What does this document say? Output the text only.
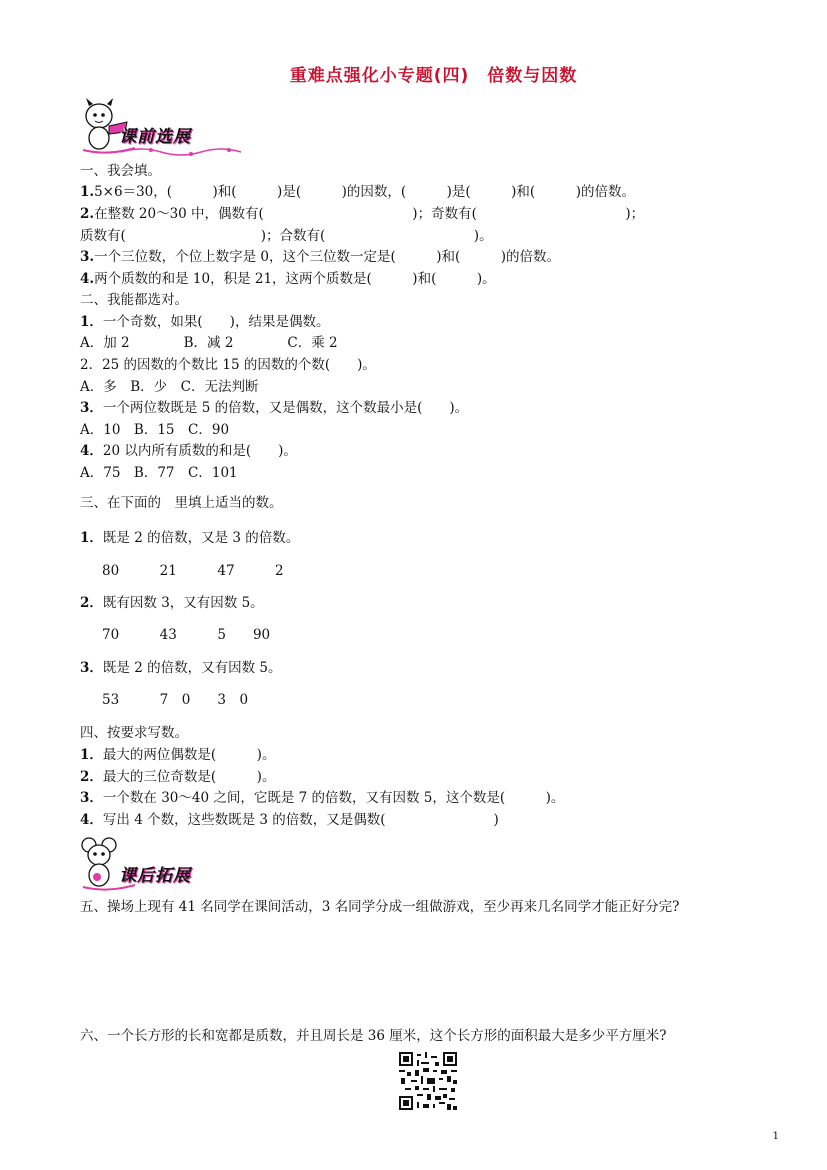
重难点强化小专题(四)　倍数与因数
课前选展
一、我会填。
1.5×6＝30，(　　　)和(　　　)是(　　　)的因数，(　　　)是(　　　)和(　　　)的倍数。
2.在整数 20～30 中，偶数有(　　　　　　　　　　　)；奇数有(　　　　　　　　　　　)；
质数有(　　　　　　　　　　)；合数有(　　　　　　　　　　　)。
3.一个三位数，个位上数字是 0，这个三位数一定是(　　　)和(　　　)的倍数。
4.两个质数的和是 10，积是 21，这两个质数是(　　　)和(　　　)。
二、我能都选对。
1．一个奇数，如果(　　)，结果是偶数。
A．加 2　　　　B．减 2　　　　C．乘 2
2．25 的因数的个数比 15 的因数的个数(　　)。
A．多　B．少　C．无法判断
3．一个两位数既是 5 的倍数，又是偶数，这个数最小是(　　)。
A．10　B．15　C．90
4．20 以内所有质数的和是(　　)。
A．75　B．77　C．101
三、在下面的　里填上适当的数。
1．既是 2 的倍数，又是 3 的倍数。
80　　　21　　　47　　　2
2．既有因数 3，又有因数 5。
70　　　43　　　5　　90
3．既是 2 的倍数，又有因数 5。
53　　　7　0　　3　0
四、按要求写数。
1．最大的两位偶数是(　　　)。
2．最大的三位奇数是(　　　)。
3．一个数在 30～40 之间，它既是 7 的倍数，又有因数 5，这个数是(　　　)。
4．写出 4 个数，这些数既是 3 的倍数，又是偶数(　　　　　　　　)
课后拓展
五、操场上现有 41 名同学在课间活动，3 名同学分成一组做游戏，至少再来几名同学才能正好分完?
六、一个长方形的长和宽都是质数，并且周长是 36 厘米，这个长方形的面积最大是多少平方厘米?
1
